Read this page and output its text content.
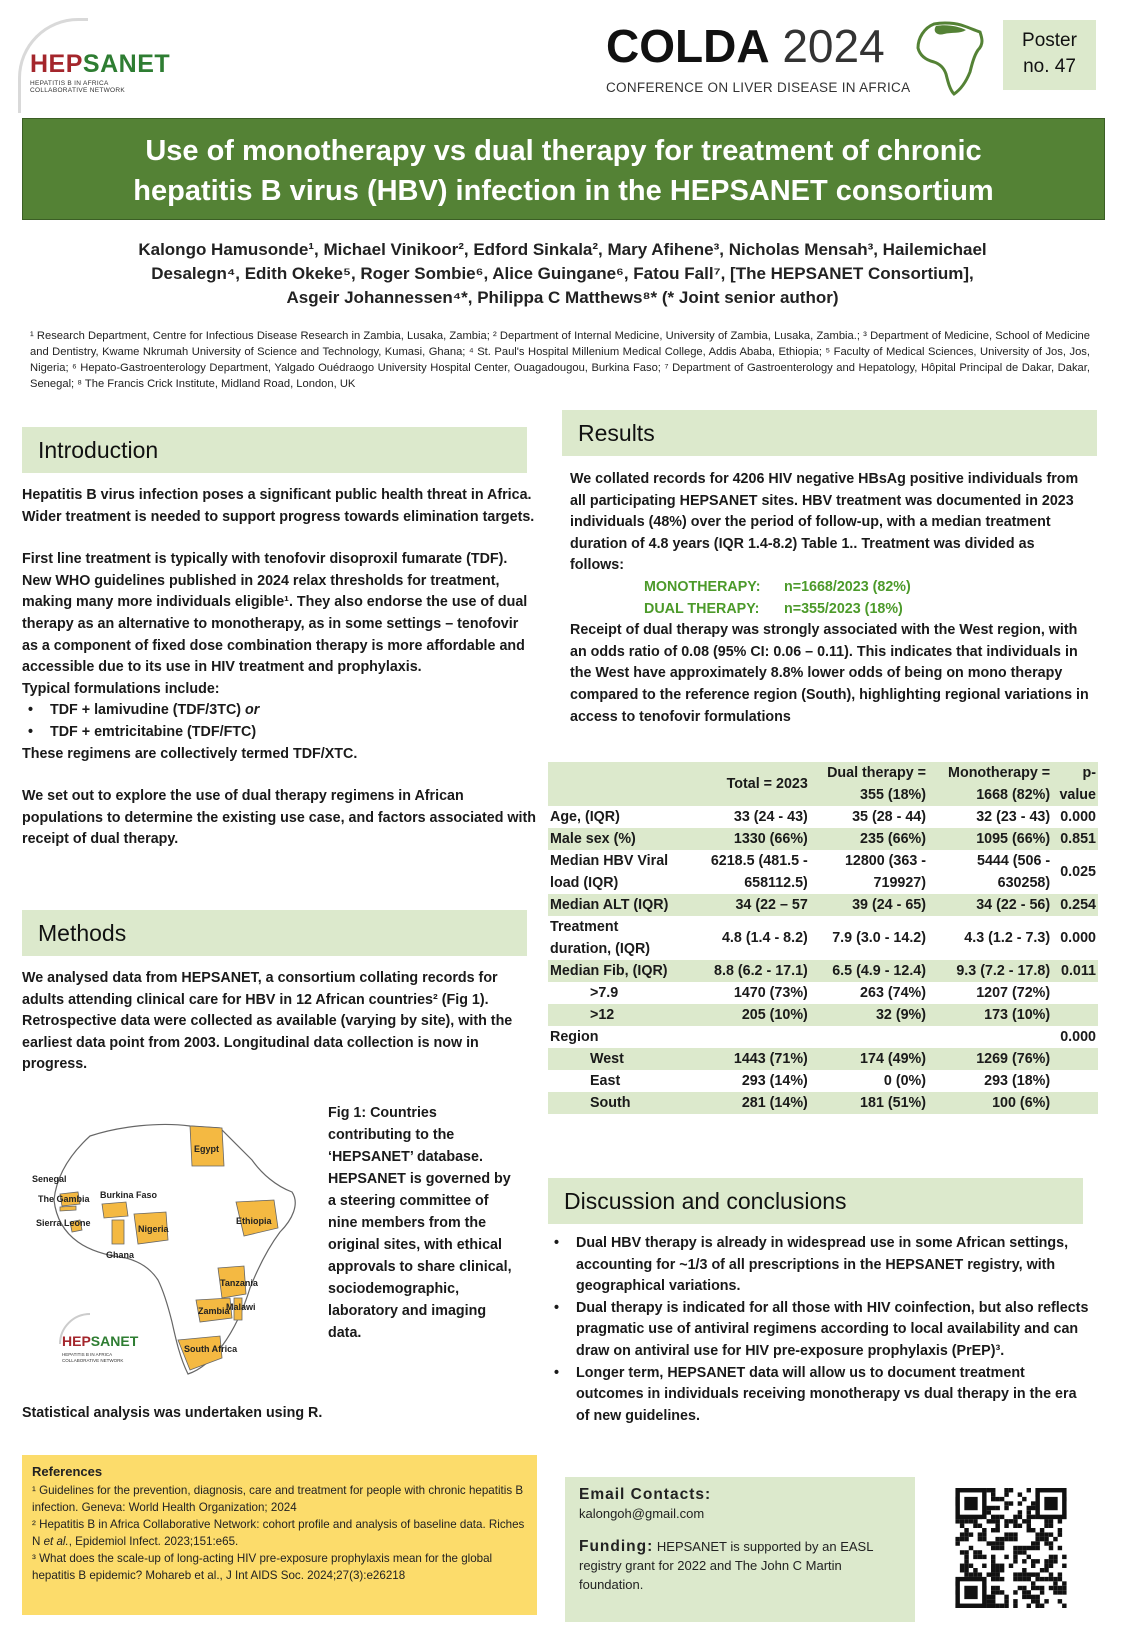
HEPSANET
HEPATITIS B IN AFRICA
COLLABORATIVE NETWORK
COLDA 2024
CONFERENCE ON LIVER DISEASE IN AFRICA
Poster
no. 47
Use of monotherapy vs dual therapy for treatment of chronic
hepatitis B virus (HBV) infection in the HEPSANET consortium
Kalongo Hamusonde¹, Michael Vinikoor², Edford Sinkala², Mary Afihene³, Nicholas Mensah³, Hailemichael
Desalegn⁴, Edith Okeke⁵, Roger Sombie⁶, Alice Guingane⁶, Fatou Fall⁷, [The HEPSANET Consortium],
Asgeir Johannessen⁴*, Philippa C Matthews⁸* (* Joint senior author)
¹ Research Department, Centre for Infectious Disease Research in Zambia, Lusaka, Zambia; ² Department of Internal Medicine, University of Zambia, Lusaka, Zambia.; ³ Department of Medicine, School of Medicine and Dentistry, Kwame Nkrumah University of Science and Technology, Kumasi, Ghana; ⁴ St. Paul's Hospital Millenium Medical College, Addis Ababa, Ethiopia; ⁵ Faculty of Medical Sciences, University of Jos, Jos, Nigeria; ⁶ Hepato-Gastroenterology Department, Yalgado Ouédraogo University Hospital Center, Ouagadougou, Burkina Faso; ⁷ Department of Gastroenterology and Hepatology, Hôpital Principal de Dakar, Dakar, Senegal; ⁸ The Francis Crick Institute, Midland Road, London, UK
Introduction

Hepatitis B virus infection poses a significant public health threat in Africa. Wider treatment is needed to support progress towards elimination targets.

First line treatment is typically with tenofovir disoproxil fumarate (TDF). New WHO guidelines published in 2024 relax thresholds for treatment, making many more individuals eligible¹. They also endorse the use of dual therapy as an alternative to monotherapy, as in some settings – tenofovir as a component of fixed dose combination therapy is more affordable and accessible due to its use in HIV treatment and prophylaxis.

Typical formulations include:

• TDF + lamivudine (TDF/3TC) or
• TDF + emtricitabine (TDF/FTC)

These regimens are collectively termed TDF/XTC.

We set out to explore the use of dual therapy regimens in African populations to determine the existing use case, and factors associated with receipt of dual therapy.

Methods
We analysed data from HEPSANET, a consortium collating records for adults attending clinical care for HBV in 12 African countries² (Fig 1). Retrospective data were collected as available (varying by site), with the earliest data point from 2003. Longitudinal data collection is now in progress.
Egypt
Senegal
The Gambia
Sierra Leone
Burkina Faso
Ghana
Nigeria
Ethiopia
Tanzania
Malawi
Zambia
South Africa
HEPSANET
HEPATITIS B IN AFRICA
COLLABORATIVE NETWORK
Fig 1: Countries contributing to the ‘HEPSANET’ database. HEPSANET is governed by a steering committee of nine members from the original sites, with ethical approvals to share clinical, sociodemographic, laboratory and imaging data.
Statistical analysis was undertaken using R.
References
¹ Guidelines for the prevention, diagnosis, care and treatment for people with chronic hepatitis B infection. Geneva: World Health Organization; 2024
² Hepatitis B in Africa Collaborative Network: cohort profile and analysis of baseline data. Riches N et al., Epidemiol Infect. 2023;151:e65.
³ What does the scale-up of long-acting HIV pre-exposure prophylaxis mean for the global hepatitis B epidemic? Mohareb et al., J Int AIDS Soc. 2024;27(3):e26218
Results

We collated records for 4206 HIV negative HBsAg positive individuals from all participating HEPSANET sites. HBV treatment was documented in 2023 individuals (48%) over the period of follow-up, with a median treatment duration of 4.8 years (IQR 1.4-8.2) Table 1.. Treatment was divided as follows:

MONOTHERAPY: n=1668/2023 (82%)
DUAL THERAPY: n=355/2023 (18%)

Receipt of dual therapy was strongly associated with the West region, with an odds ratio of 0.08 (95% CI: 0.06 – 0.11). This indicates that individuals in the West have approximately 8.8% lower odds of being on mono therapy compared to the reference region (South), highlighting regional variations in access to tenofovir formulations

	Total = 2023	Dual therapy = 355 (18%)	Monotherapy = 1668 (82%)	p-value
Age, (IQR)	33 (24 - 43)	35 (28 - 44)	32 (23 - 43)	0.000
Male sex (%)	1330 (66%)	235 (66%)	1095 (66%)	0.851
Median HBV Viral load (IQR)	6218.5 (481.5 - 658112.5)	12800 (363 - 719927)	5444 (506 - 630258)	0.025
Median ALT (IQR)	34 (22 – 57	39 (24 - 65)	34 (22 - 56)	0.254
Treatment duration, (IQR)	4.8 (1.4 - 8.2)	7.9 (3.0 - 14.2)	4.3 (1.2 - 7.3)	0.000
Median Fib, (IQR)	8.8 (6.2 - 17.1)	6.5 (4.9 - 12.4)	9.3 (7.2 - 17.8)	0.011
>7.9	1470 (73%)	263 (74%)	1207 (72%)	
>12	205 (10%)	32 (9%)	173 (10%)	
Region				0.000
West	1443 (71%)	174 (49%)	1269 (76%)	
East	293 (14%)	0 (0%)	293 (18%)	
South	281 (14%)	181 (51%)	100 (6%)	
Discussion and conclusions
• Dual HBV therapy is already in widespread use in some African settings, accounting for ~1/3 of all prescriptions in the HEPSANET registry, with geographical variations.
• Dual therapy is indicated for all those with HIV coinfection, but also reflects pragmatic use of antiviral regimens according to local availability and can draw on antiviral use for HIV pre-exposure prophylaxis (PrEP)³.
• Longer term, HEPSANET data will allow us to document treatment outcomes in individuals receiving monotherapy vs dual therapy in the era of new guidelines.
Email Contacts:
kalongoh@gmail.com
Funding: HEPSANET is supported by an EASL registry grant for 2022 and The John C Martin foundation.
